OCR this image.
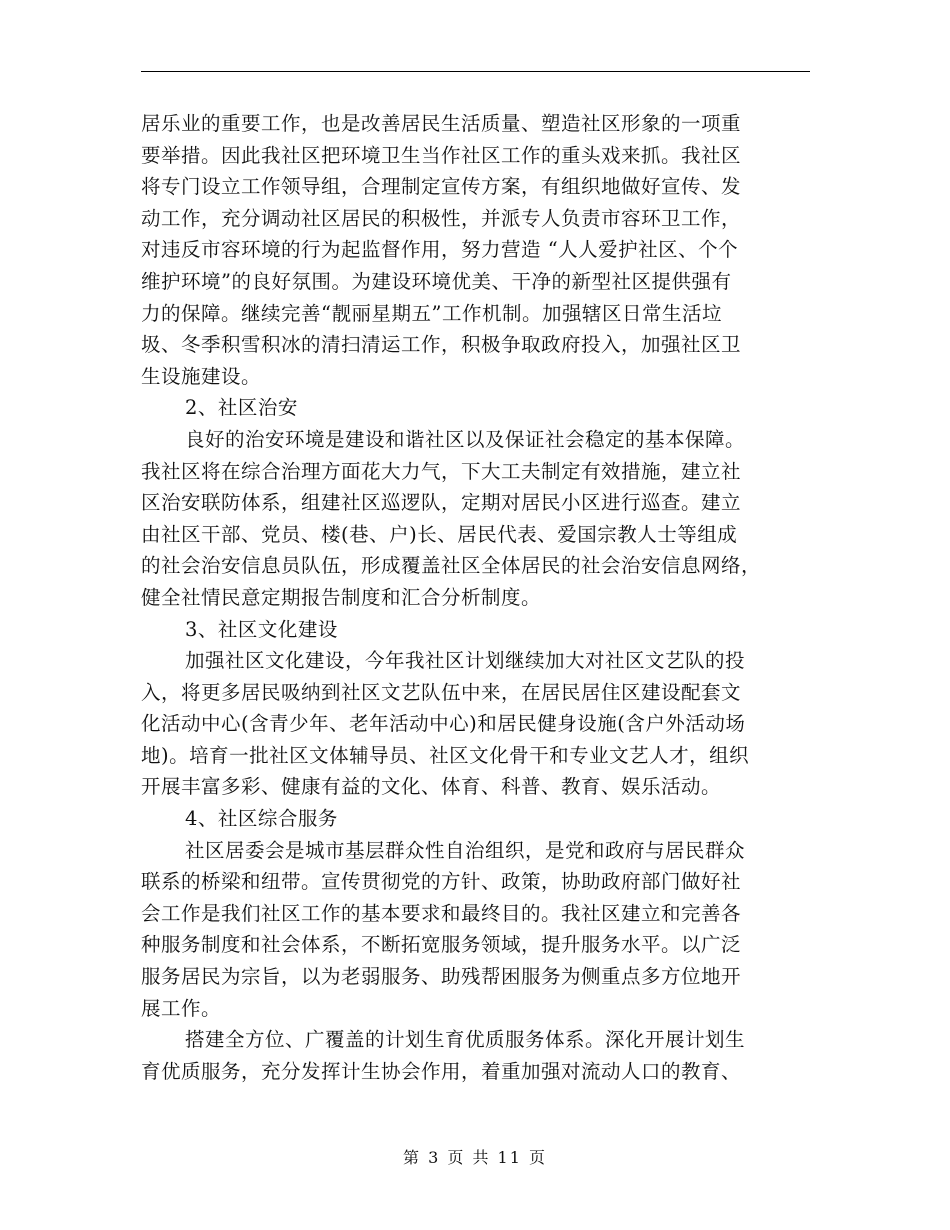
居乐业的重要工作，也是改善居民生活质量、塑造社区形象的一项重
要举措。因此我社区把环境卫生当作社区工作的重头戏来抓。我社区
将专门设立工作领导组，合理制定宣传方案，有组织地做好宣传、发
动工作，充分调动社区居民的积极性，并派专人负责市容环卫工作，
对违反市容环境的行为起监督作用，努力营造 “人人爱护社区、个个
维护环境”的良好氛围。为建设环境优美、干净的新型社区提供强有
力的保障。继续完善“靓丽星期五”工作机制。加强辖区日常生活垃
圾、冬季积雪积冰的清扫清运工作，积极争取政府投入，加强社区卫
生设施建设。
2、社区治安
良好的治安环境是建设和谐社区以及保证社会稳定的基本保障。
我社区将在综合治理方面花大力气，下大工夫制定有效措施，建立社
区治安联防体系，组建社区巡逻队，定期对居民小区进行巡查。建立
由社区干部、党员、楼(巷、户)长、居民代表、爱国宗教人士等组成
的社会治安信息员队伍，形成覆盖社区全体居民的社会治安信息网络，
健全社情民意定期报告制度和汇合分析制度。
3、社区文化建设
加强社区文化建设，今年我社区计划继续加大对社区文艺队的投
入，将更多居民吸纳到社区文艺队伍中来，在居民居住区建设配套文
化活动中心(含青少年、老年活动中心)和居民健身设施(含户外活动场
地)。培育一批社区文体辅导员、社区文化骨干和专业文艺人才，组织
开展丰富多彩、健康有益的文化、体育、科普、教育、娱乐活动。
4、社区综合服务
社区居委会是城市基层群众性自治组织，是党和政府与居民群众
联系的桥梁和纽带。宣传贯彻党的方针、政策，协助政府部门做好社
会工作是我们社区工作的基本要求和最终目的。我社区建立和完善各
种服务制度和社会体系，不断拓宽服务领域，提升服务水平。以广泛
服务居民为宗旨，以为老弱服务、助残帮困服务为侧重点多方位地开
展工作。
搭建全方位、广覆盖的计划生育优质服务体系。深化开展计划生
育优质服务，充分发挥计生协会作用，着重加强对流动人口的教育、
第 3 页 共 11 页
